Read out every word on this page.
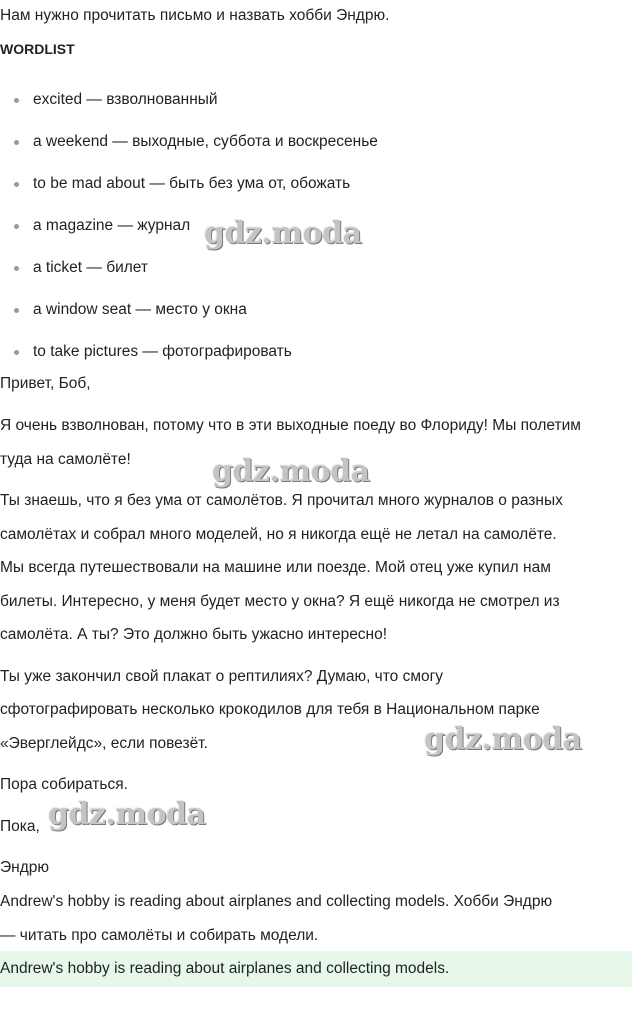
Нам нужно прочитать письмо и назвать хобби Эндрю.
WORDLIST
excited — взволнованный
a weekend — выходные, суббота и воскресенье
to be mad about — быть без ума от, обожать
a magazine — журнал
a ticket — билет
a window seat — место у окна
to take pictures — фотографировать
Привет, Боб,
Я очень взволнован, потому что в эти выходные поеду во Флориду! Мы полетим
туда на самолёте!
Ты знаешь, что я без ума от самолётов. Я прочитал много журналов о разных
самолётах и собрал много моделей, но я никогда ещё не летал на самолёте.
Мы всегда путешествовали на машине или поезде. Мой отец уже купил нам
билеты. Интересно, у меня будет место у окна? Я ещё никогда не смотрел из
самолёта. А ты? Это должно быть ужасно интересно!
Ты уже закончил свой плакат о рептилиях? Думаю, что смогу
сфотографировать несколько крокодилов для тебя в Национальном парке
«Эверглейдс», если повезёт.
Пора собираться.
Пока,
Эндрю
Andrew's hobby is reading about airplanes and collecting models. Хобби Эндрю
— читать про самолёты и собирать модели.
Andrew's hobby is reading about airplanes and collecting models.
gdz.moda
gdz.moda
gdz.moda
gdz.moda
